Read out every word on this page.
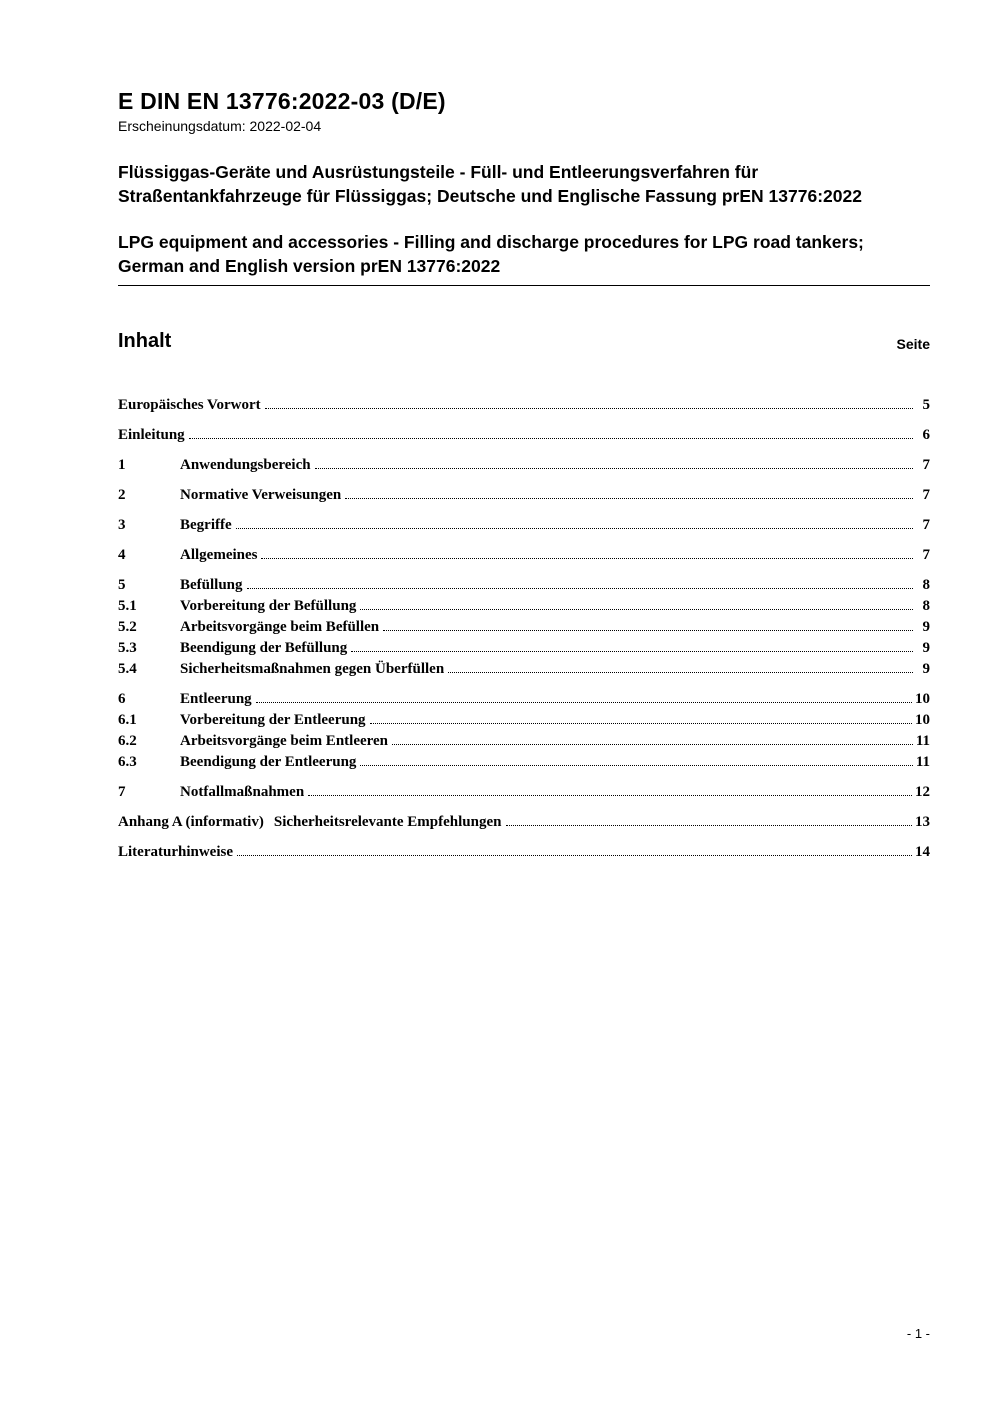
E DIN EN 13776:2022-03 (D/E)
Erscheinungsdatum: 2022-02-04

Flüssiggas-Geräte und Ausrüstungsteile - Füll- und Entleerungsverfahren für Straßentankfahrzeuge für Flüssiggas; Deutsche und Englische Fassung prEN 13776:2022

LPG equipment and accessories - Filling and discharge procedures for LPG road tankers; German and English version prEN 13776:2022

Inhalt	Seite
Europäisches Vorwort	5
Einleitung	6
1	Anwendungsbereich	7
2	Normative Verweisungen	7
3	Begriffe	7
4	Allgemeines	7
5	Befüllung	8
5.1	Vorbereitung der Befüllung	8
5.2	Arbeitsvorgänge beim Befüllen	9
5.3	Beendigung der Befüllung	9
5.4	Sicherheitsmaßnahmen gegen Überfüllen	9
6	Entleerung	10
6.1	Vorbereitung der Entleerung	10
6.2	Arbeitsvorgänge beim Entleeren	11
6.3	Beendigung der Entleerung	11
7	Notfallmaßnahmen	12
Anhang A (informativ) Sicherheitsrelevante Empfehlungen	13
Literaturhinweise	14
- 1 -
